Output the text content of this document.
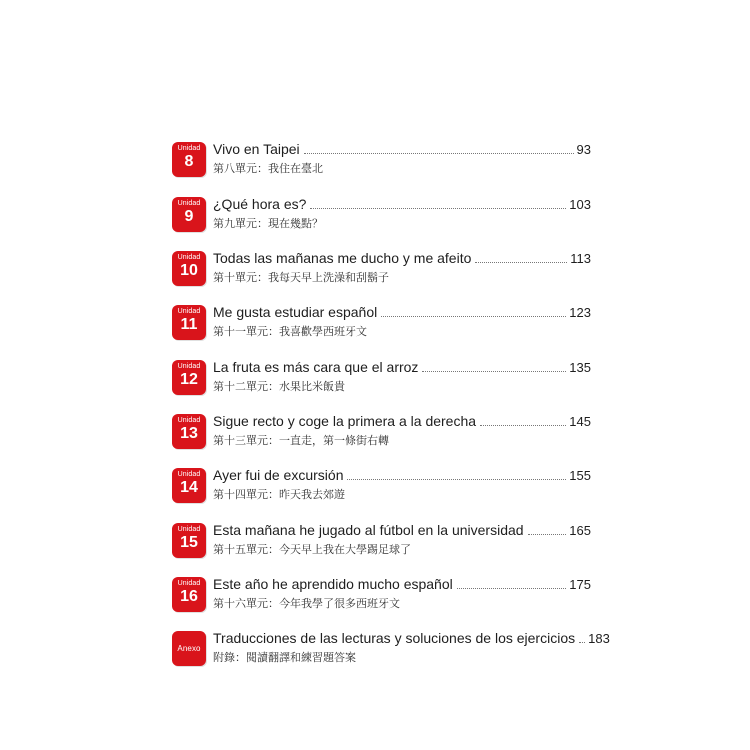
Unidad
8
Vivo en Taipei	93
第八單元：我住在臺北
Unidad
9
¿Qué hora es?	103
第九單元：現在幾點？
Unidad
10
Todas las mañanas me ducho y me afeito	113
第十單元：我每天早上洗澡和刮鬍子
Unidad
11
Me gusta estudiar español	123
第十一單元：我喜歡學西班牙文
Unidad
12
La fruta es más cara que el arroz	135
第十二單元：水果比米飯貴
Unidad
13
Sigue recto y coge la primera a la derecha	145
第十三單元：一直走，第一條街右轉
Unidad
14
Ayer fui de excursión	155
第十四單元：昨天我去郊遊
Unidad
15
Esta mañana he jugado al fútbol en la universidad	165
第十五單元：今天早上我在大學踢足球了
Unidad
16
Este año he aprendido mucho español	175
第十六單元：今年我學了很多西班牙文
Anexo
Traducciones de las lecturas y soluciones de los ejercicios 183
附錄：閱讀翻譯和練習題答案
